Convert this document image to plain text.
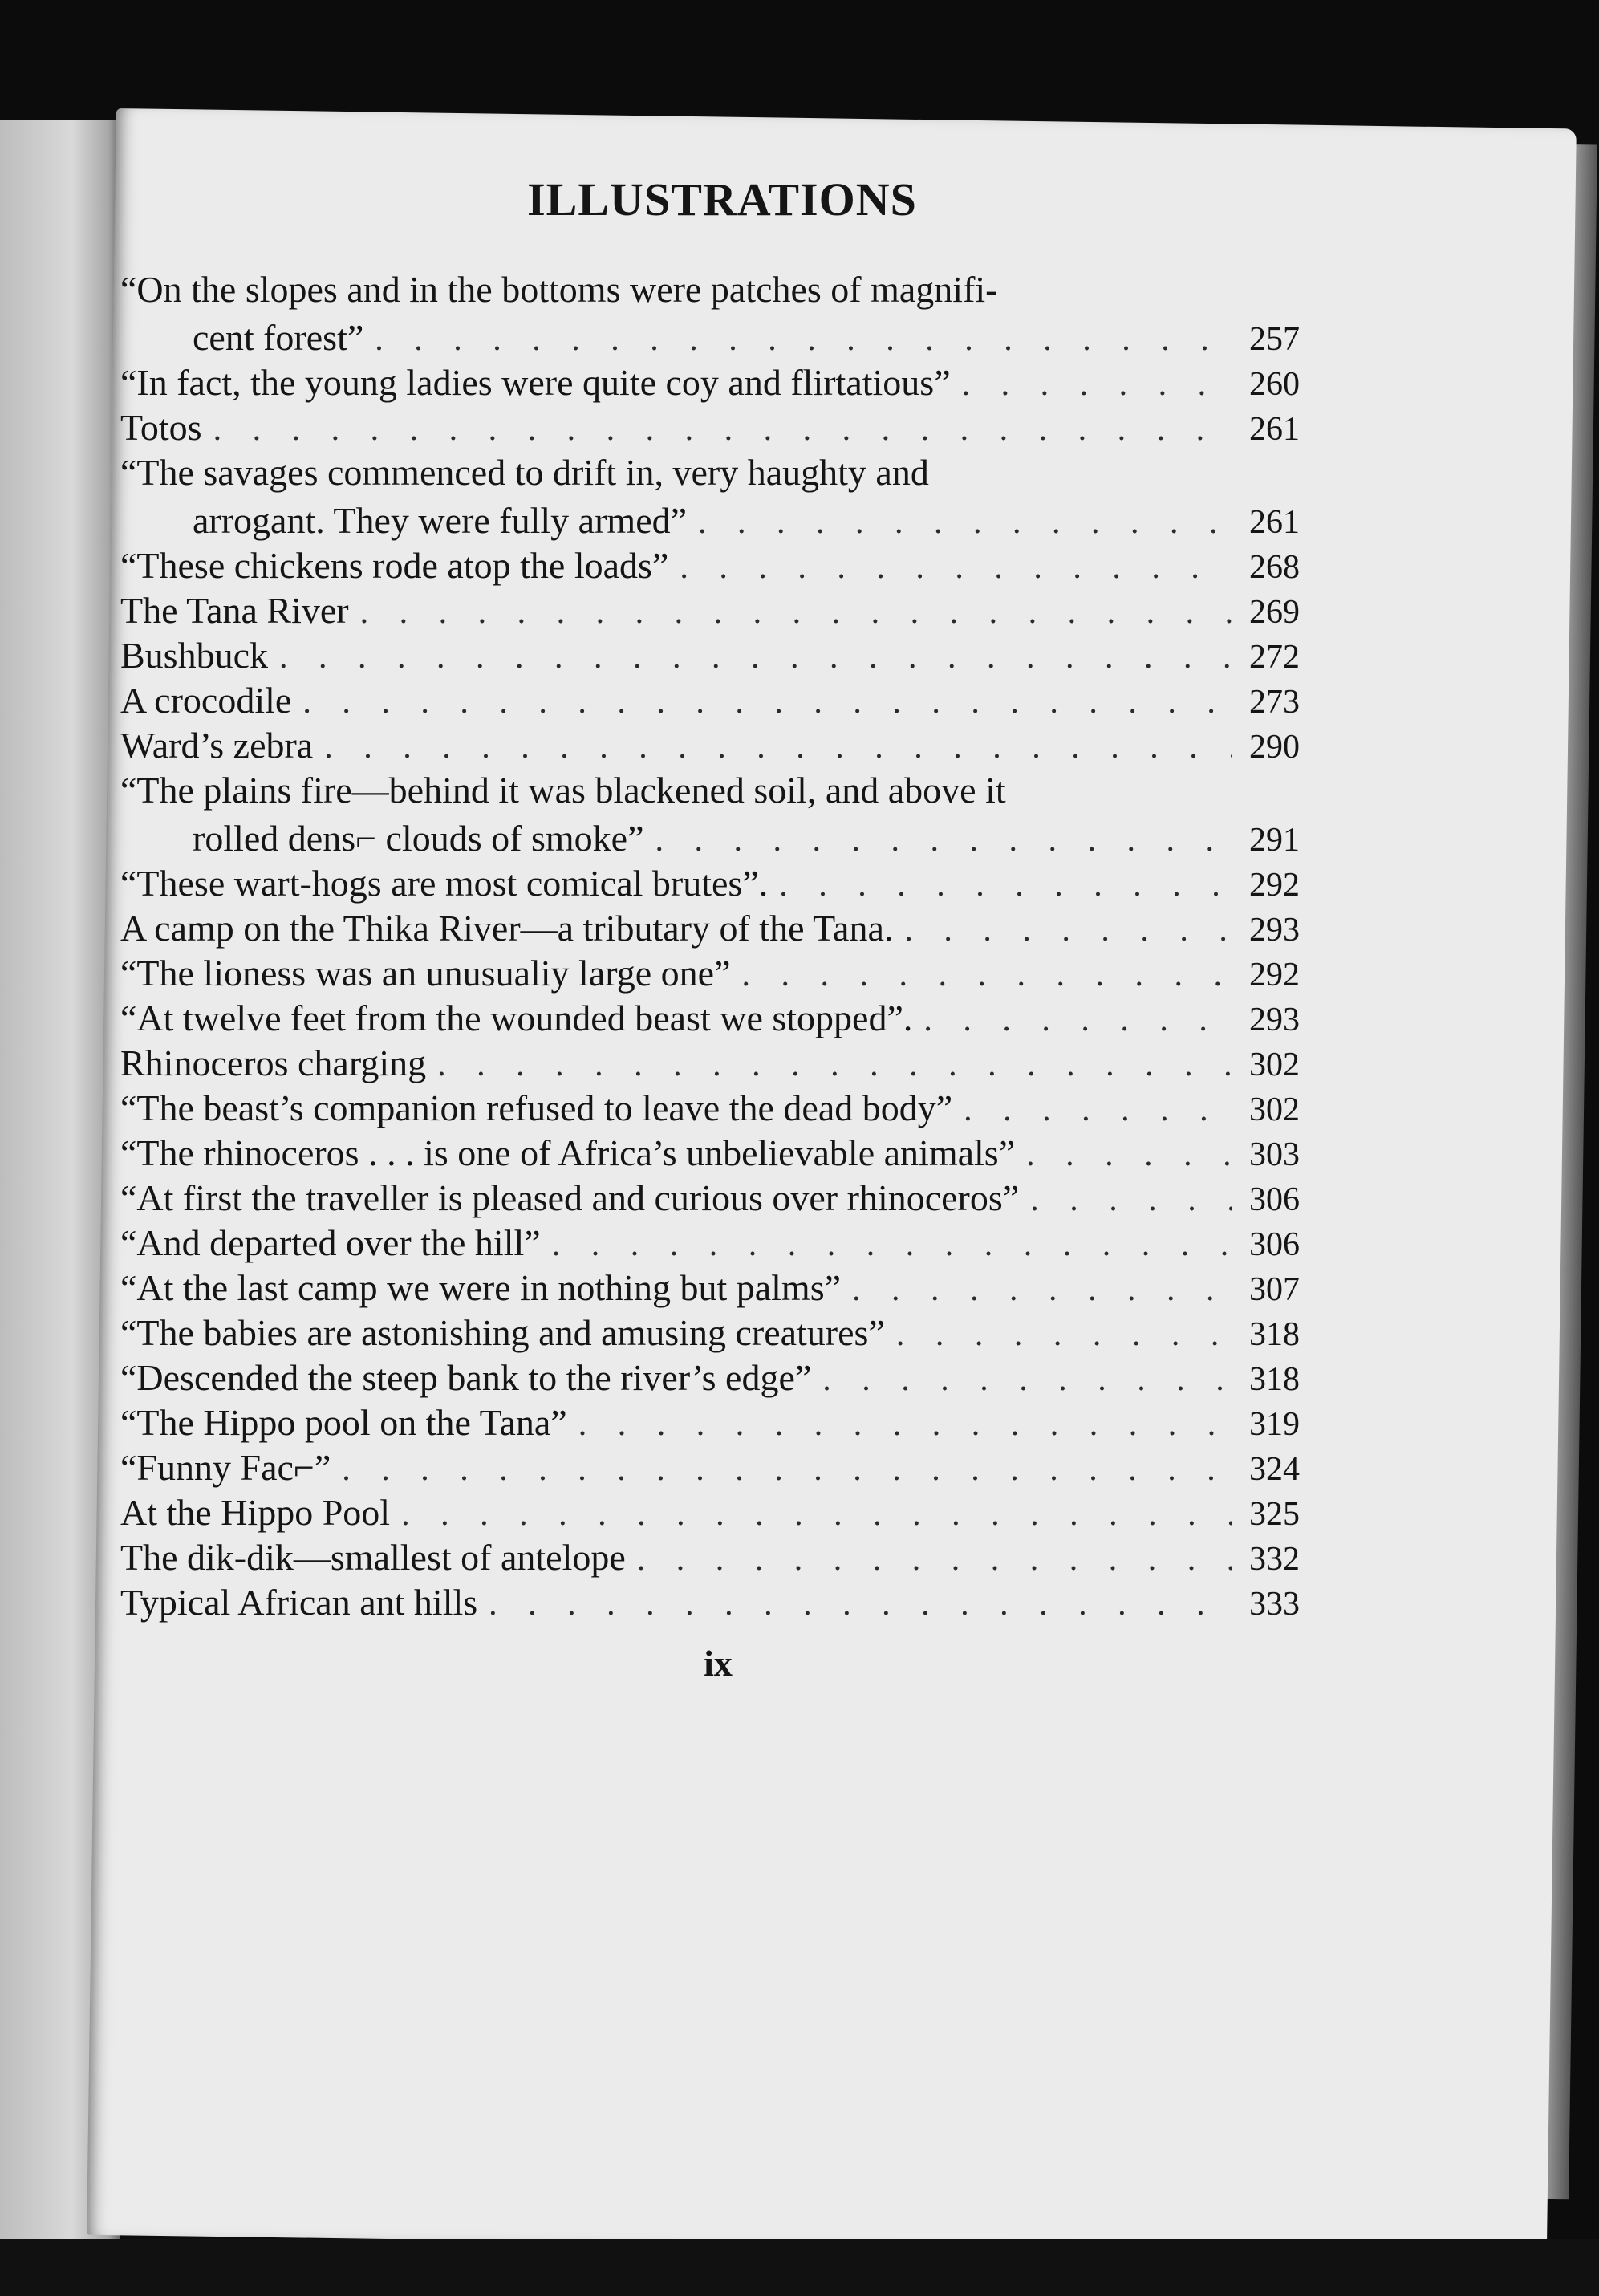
ILLUSTRATIONS
“On the slopes and in the bottoms were patches of magnifi-
cent forest” . . .	257
“In fact, the young ladies were quite coy and flirtatious” . . .	260
Totos . . .	261
“The savages commenced to drift in, very haughty and
arrogant. They were fully armed” . . .	261
“These chickens rode atop the loads” . . .	268
The Tana River . . .	269
Bushbuck . . .	272
A crocodile . . .	273
Ward’s zebra . . .	290
“The plains fire—behind it was blackened soil, and above it
rolled dens⌐ clouds of smoke” . . .	291
“These wart-hogs are most comical brutes”. . . .	292
A camp on the Thika River—a tributary of the Tana. . . .	293
“The lioness was an unusualiy large one” . . .	292
“At twelve feet from the wounded beast we stopped”. . . .	293
Rhinoceros charging . . .	302
“The beast’s companion refused to leave the dead body” . . .	302
“The rhinoceros . . . is one of Africa’s unbelievable animals” . . .	303
“At first the traveller is pleased and curious over rhinoceros” . . .	306
“And departed over the hill” . . .	306
“At the last camp we were in nothing but palms” . . .	307
“The babies are astonishing and amusing creatures” . . .	318
“Descended the steep bank to the river’s edge” . . .	318
“The Hippo pool on the Tana” . . .	319
“Funny Fac⌐” . . .	324
At the Hippo Pool . . .	325
The dik-dik—smallest of antelope . . .	332
Typical African ant hills . . .	333
ix
